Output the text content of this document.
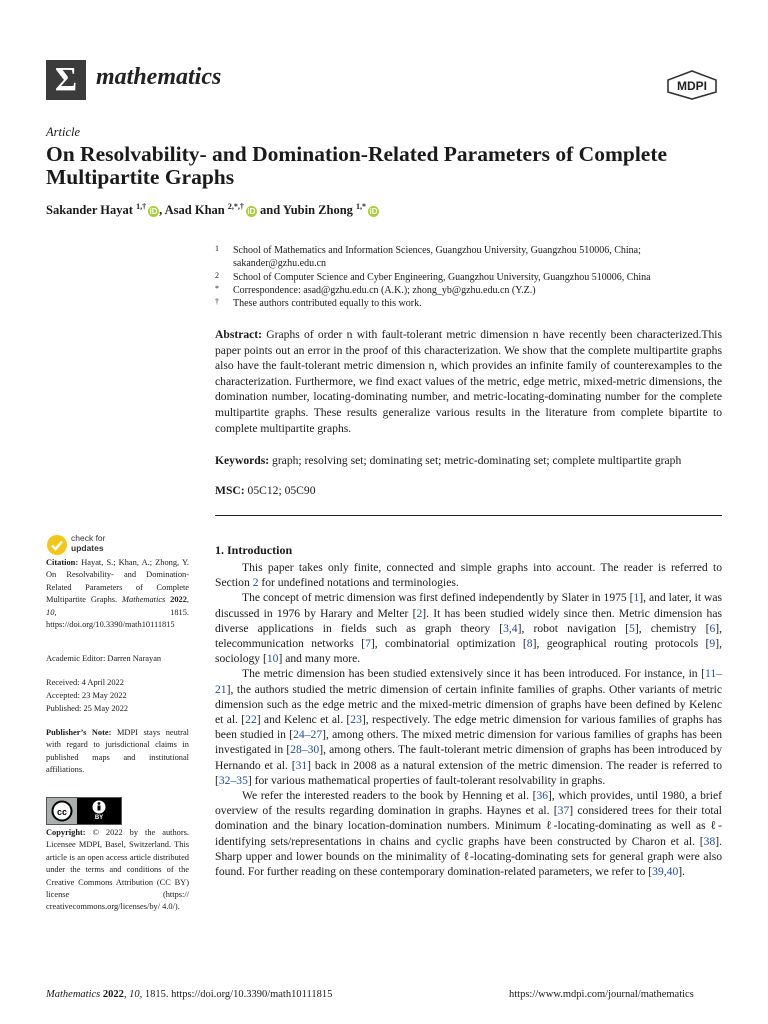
Σ mathematics	MDPI
Article
On Resolvability- and Domination-Related Parameters of Complete Multipartite Graphs
Sakander Hayat $^{1,\dagger}$iD , Asad Khan $^{2,*,\dagger}$iD and Yubin Zhong $^{1,*}$iD
1 School of Mathematics and Information Sciences, Guangzhou University, Guangzhou 510006, China; sakander@gzhu.edu.cn
2 School of Computer Science and Cyber Engineering, Guangzhou University, Guangzhou 510006, China
* Correspondence: asad@gzhu.edu.cn (A.K.); zhong_yb@gzhu.edu.cn (Y.Z.)
† These authors contributed equally to this work.
Abstract: Graphs of order n with fault-tolerant metric dimension n have recently been characterized.This paper points out an error in the proof of this characterization. We show that the complete multipartite graphs also have the fault-tolerant metric dimension n, which provides an infinite family of counterexamples to the characterization. Furthermore, we find exact values of the metric, edge metric, mixed-metric dimensions, the domination number, locating-dominating number, and metric-locating-dominating number for the complete multipartite graphs. These results generalize various results in the literature from complete bipartite to complete multipartite graphs.
Keywords: graph; resolving set; dominating set; metric-dominating set; complete multipartite graph
MSC: 05C12; 05C90
check for
updates
Citation: Hayat, S.; Khan, A.; Zhong, Y. On Resolvability- and Domination-Related Parameters of Complete Multipartite Graphs. Mathematics 2022, 10, 1815. https://doi.org/10.3390/math10111815
Academic Editor: Darren Narayan
Received: 4 April 2022
Accepted: 23 May 2022
Published: 25 May 2022
Publisher’s Note: MDPI stays neutral with regard to jurisdictional claims in published maps and institutional affiliations.
cc
BY
Copyright: © 2022 by the authors. Licensee MDPI, Basel, Switzerland. This article is an open access article distributed under the terms and conditions of the Creative Commons Attribution (CC BY) license (https:// creativecommons.org/licenses/by/ 4.0/).
1. Introduction

This paper takes only finite, connected and simple graphs into account. The reader is referred to Section 2 for undefined notations and terminologies.

The concept of metric dimension was first defined independently by Slater in 1975 [1], and later, it was discussed in 1976 by Harary and Melter [2]. It has been studied widely since then. Metric dimension has diverse applications in fields such as graph theory [3,4], robot navigation [5], chemistry [6], telecommunication networks [7], combinatorial optimization [8], geographical routing protocols [9], sociology [10] and many more.

The metric dimension has been studied extensively since it has been introduced. For instance, in [11–21], the authors studied the metric dimension of certain infinite families of graphs. Other variants of metric dimension such as the edge metric and the mixed-metric dimension of graphs have been defined by Kelenc et al. [22] and Kelenc et al. [23], respectively. The edge metric dimension for various families of graphs has been studied in [24–27], among others. The mixed metric dimension for various families of graphs has been investigated in [28–30], among others. The fault-tolerant metric dimension of graphs has been introduced by Hernando et al. [31] back in 2008 as a natural extension of the metric dimension. The reader is referred to [32–35] for various mathematical properties of fault-tolerant resolvability in graphs.

We refer the interested readers to the book by Henning et al. [36], which provides, until 1980, a brief overview of the results regarding domination in graphs. Haynes et al. [37] considered trees for their total domination and the binary location-domination numbers. Minimum ℓ-locating-dominating as well as ℓ-identifying sets/representations in chains and cyclic graphs have been constructed by Charon et al. [38]. Sharp upper and lower bounds on the minimality of ℓ-locating-dominating sets for general graph were also found. For further reading on these contemporary domination-related parameters, we refer to [39,40].

Mathematics 2022, 10, 1815. https://doi.org/10.3390/math10111815	https://www.mdpi.com/journal/mathematics
